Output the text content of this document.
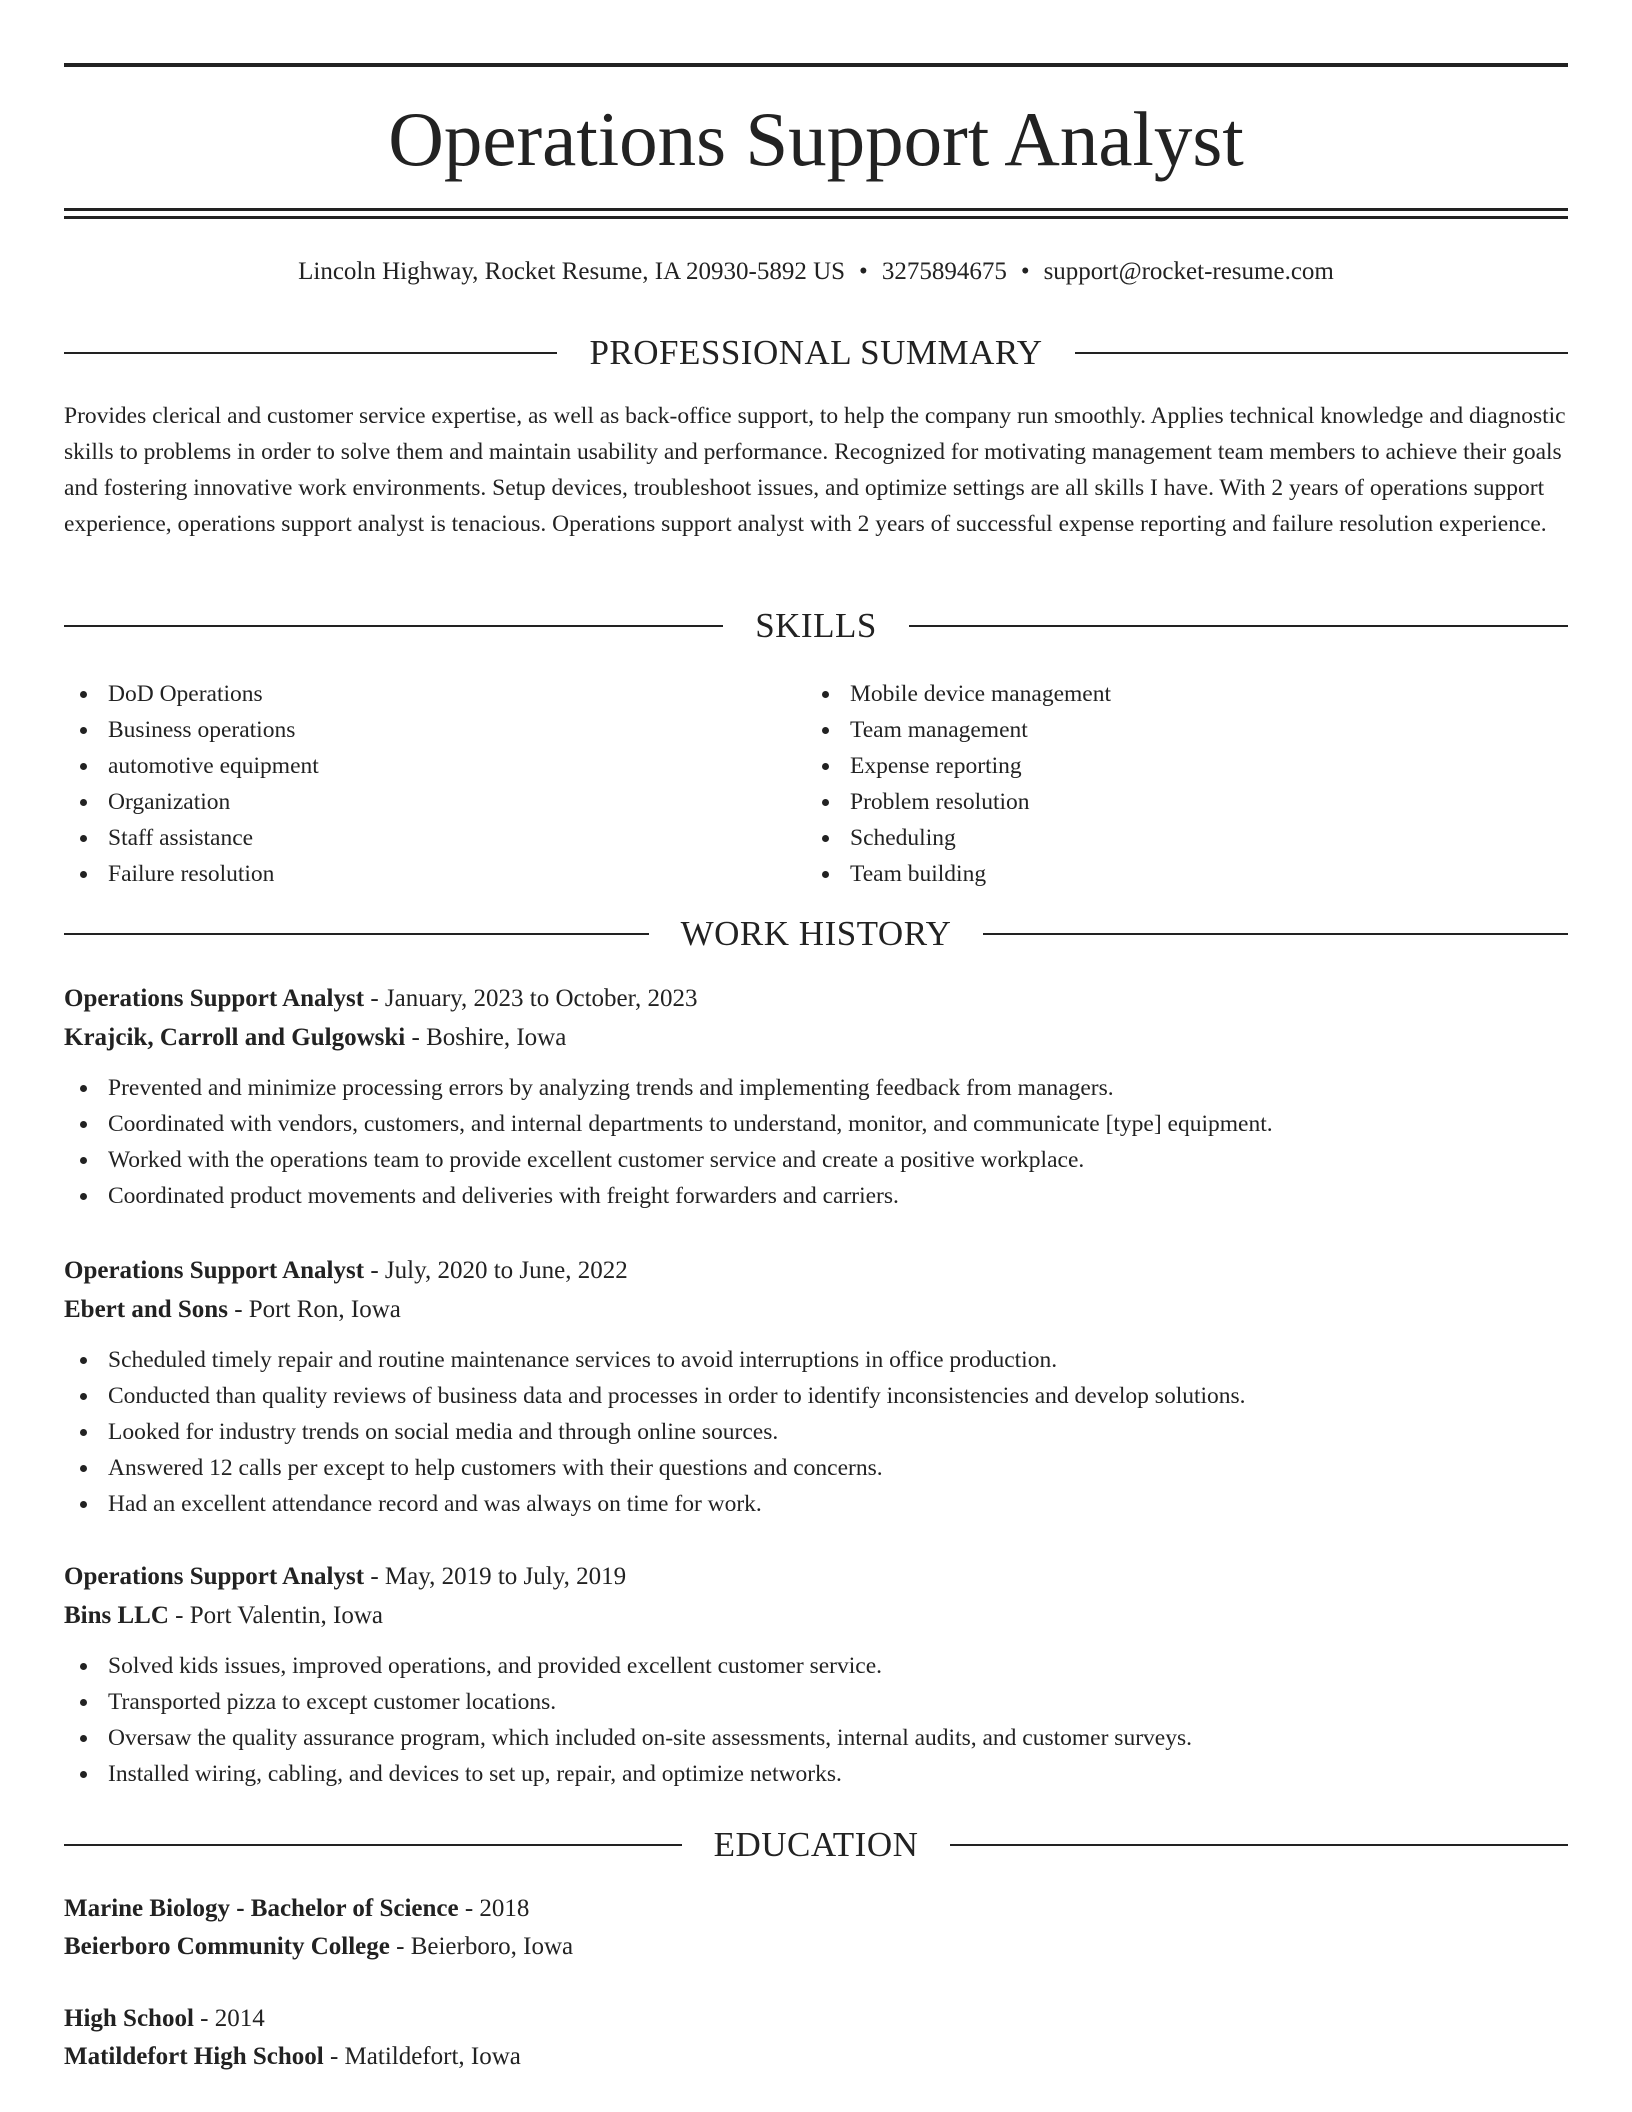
Operations Support Analyst
Lincoln Highway, Rocket Resume, IA 20930-5892 US • 3275894675 • support@rocket-resume.com
PROFESSIONAL SUMMARY

Provides clerical and customer service expertise, as well as back-office support, to help the company run smoothly. Applies technical knowledge and diagnostic skills to problems in order to solve them and maintain usability and performance. Recognized for motivating management team members to achieve their goals and fostering innovative work environments. Setup devices, troubleshoot issues, and optimize settings are all skills I have. With 2 years of operations support experience, operations support analyst is tenacious. Operations support analyst with 2 years of successful expense reporting and failure resolution experience.

SKILLS
DoD Operations
Business operations
automotive equipment
Organization
Staff assistance
Failure resolution
Mobile device management
Team management
Expense reporting
Problem resolution
Scheduling
Team building
WORK HISTORY
Operations Support Analyst - January, 2023 to October, 2023
Krajcik, Carroll and Gulgowski - Boshire, Iowa
Prevented and minimize processing errors by analyzing trends and implementing feedback from managers.
Coordinated with vendors, customers, and internal departments to understand, monitor, and communicate [type] equipment.
Worked with the operations team to provide excellent customer service and create a positive workplace.
Coordinated product movements and deliveries with freight forwarders and carriers.
Operations Support Analyst - July, 2020 to June, 2022
Ebert and Sons - Port Ron, Iowa
Scheduled timely repair and routine maintenance services to avoid interruptions in office production.
Conducted than quality reviews of business data and processes in order to identify inconsistencies and develop solutions.
Looked for industry trends on social media and through online sources.
Answered 12 calls per except to help customers with their questions and concerns.
Had an excellent attendance record and was always on time for work.
Operations Support Analyst - May, 2019 to July, 2019
Bins LLC - Port Valentin, Iowa
Solved kids issues, improved operations, and provided excellent customer service.
Transported pizza to except customer locations.
Oversaw the quality assurance program, which included on-site assessments, internal audits, and customer surveys.
Installed wiring, cabling, and devices to set up, repair, and optimize networks.
EDUCATION
Marine Biology - Bachelor of Science - 2018
Beierboro Community College - Beierboro, Iowa
High School - 2014
Matildefort High School - Matildefort, Iowa
